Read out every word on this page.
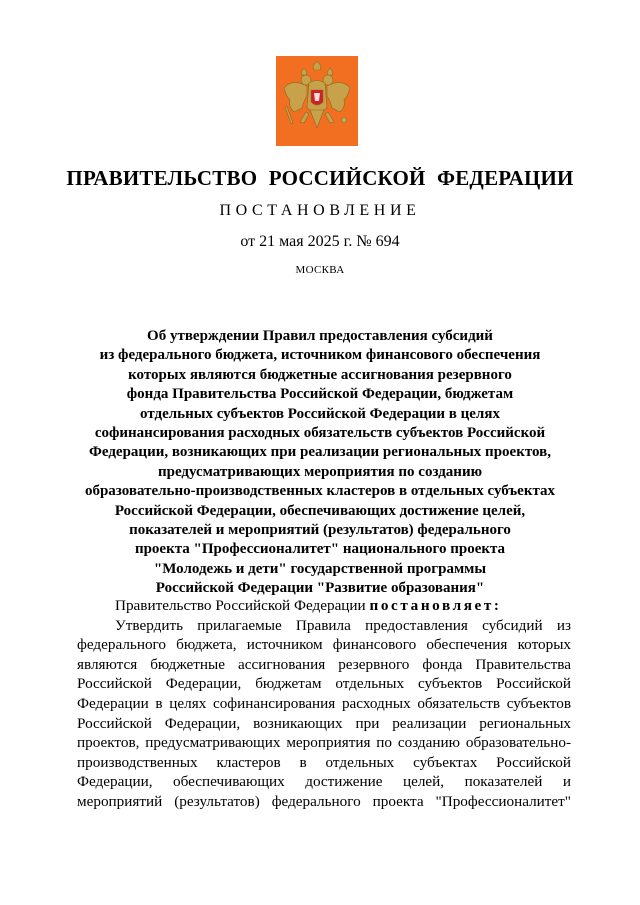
ПРАВИТЕЛЬСТВО РОССИЙСКОЙ ФЕДЕРАЦИИ
ПОСТАНОВЛЕНИЕ
от 21 мая 2025 г. № 694
МОСКВА
Об утверждении Правил предоставления субсидий
из федерального бюджета, источником финансового обеспечения
которых являются бюджетные ассигнования резервного
фонда Правительства Российской Федерации, бюджетам
отдельных субъектов Российской Федерации в целях
софинансирования расходных обязательств субъектов Российской
Федерации, возникающих при реализации региональных проектов,
предусматривающих мероприятия по созданию
образовательно-производственных кластеров в отдельных субъектах
Российской Федерации, обеспечивающих достижение целей,
показателей и мероприятий (результатов) федерального
проекта "Профессионалитет" национального проекта
"Молодежь и дети" государственной программы
Российской Федерации "Развитие образования"
Правительство Российской Федерации постановляет:
Утвердить прилагаемые Правила предоставления субсидий из федерального бюджета, источником финансового обеспечения которых являются бюджетные ассигнования резервного фонда Правительства Российской Федерации, бюджетам отдельных субъектов Российской Федерации в целях софинансирования расходных обязательств субъектов Российской Федерации, возникающих при реализации региональных проектов, предусматривающих мероприятия по созданию образовательно-производственных кластеров в отдельных субъектах Российской Федерации, обеспечивающих достижение целей, показателей и мероприятий (результатов) федерального проекта "Профессионалитет"
